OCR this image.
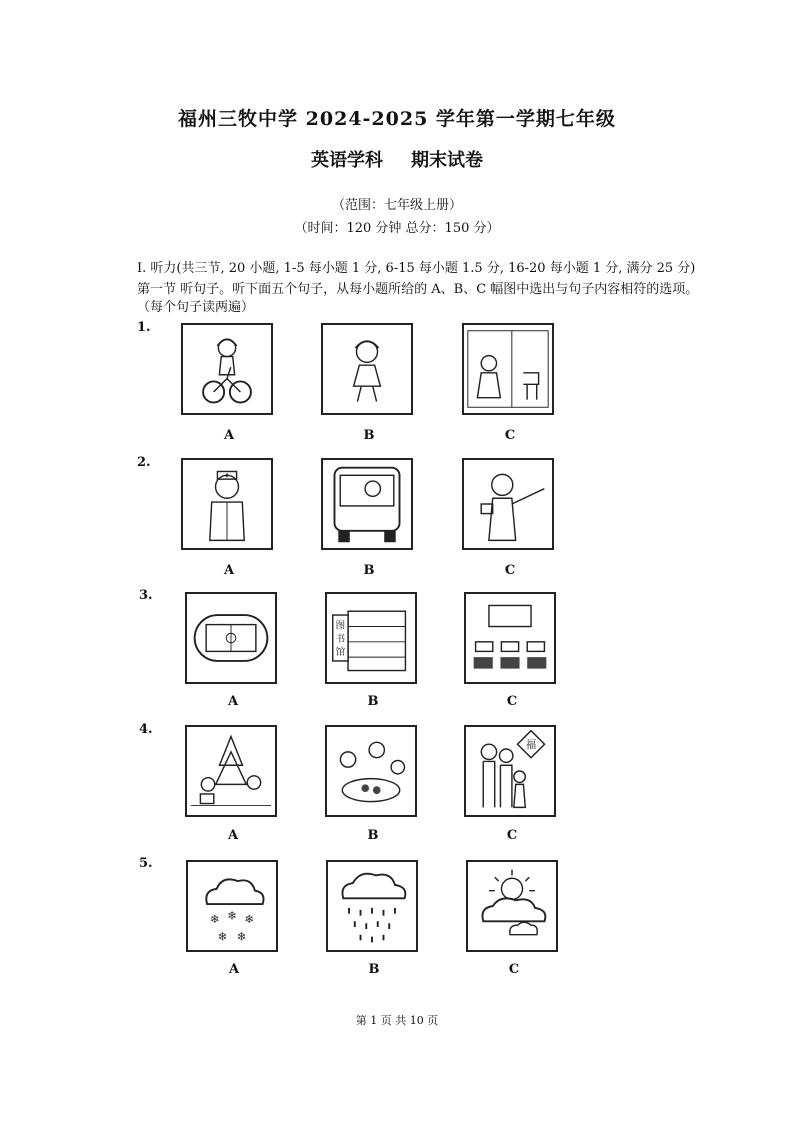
福州三牧中学 2024-2025 学年第一学期七年级
英语学科 期末试卷
（范围：七年级上册）
（时间：120 分钟 总分：150 分）
I. 听力(共三节, 20 小题, 1-5 每小题 1 分, 6-15 每小题 1.5 分, 16-20 每小题 1 分, 满分 25 分)
第一节 听句子。听下面五个句子，从每小题所给的 A、B、C 幅图中选出与句子内容相符的选项。
（每个句子读两遍）
1.
A	B	C
2.
A	B	C
3.
图
书
馆
A	B	C
4.
福
A	B	C
5.
❄ ❄ ❄
❄ ❄
A	B	C
第 1 页 共 10 页
